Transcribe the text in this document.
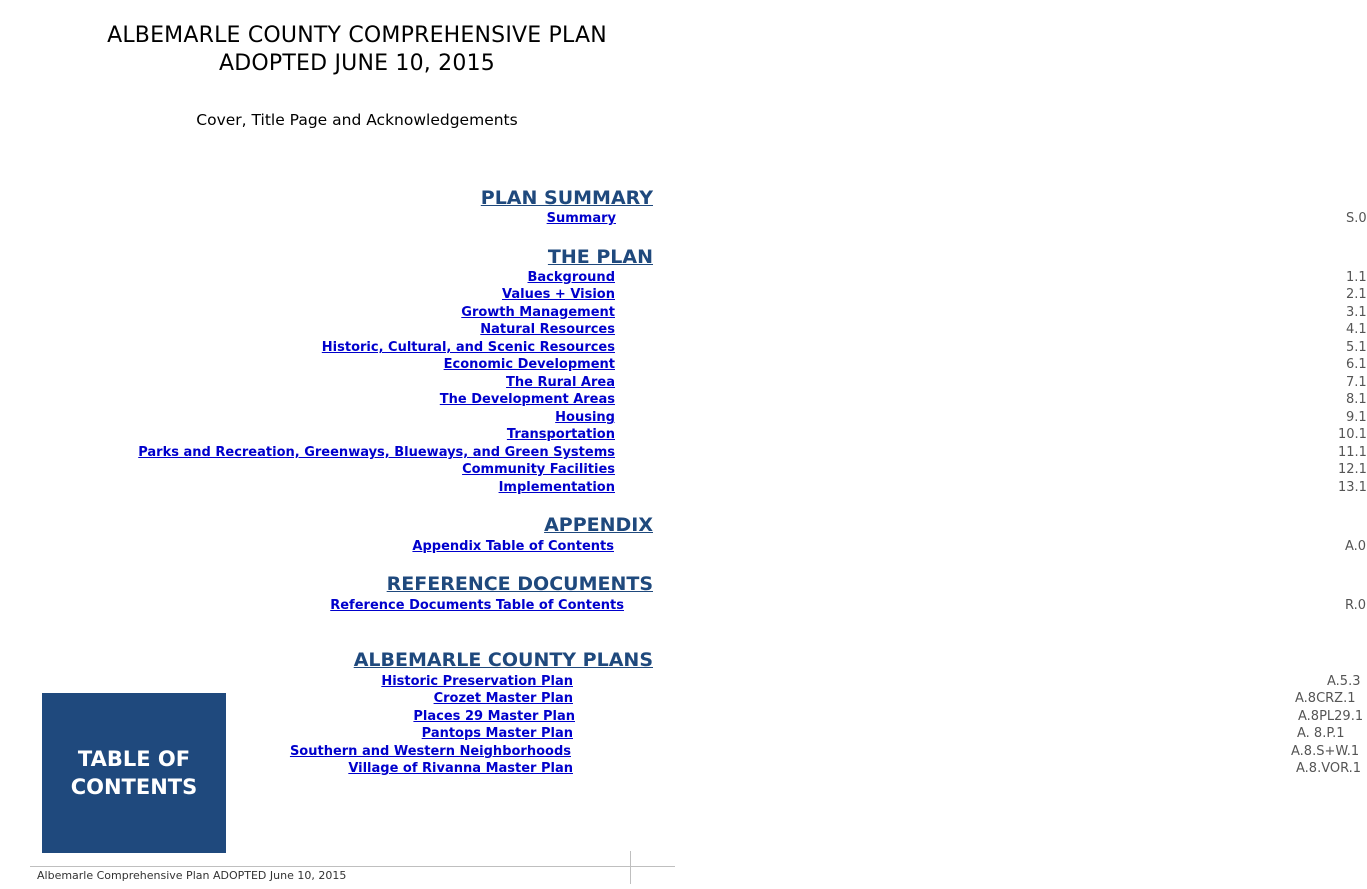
ALBEMARLE COUNTY COMPREHENSIVE PLAN
ADOPTED JUNE 10, 2015
Cover, Title Page and Acknowledgements
PLAN SUMMARY
Summary	S.0
THE PLAN
Background	1.1
Values + Vision	2.1
Growth Management	3.1
Natural Resources	4.1
Historic, Cultural, and Scenic Resources	5.1
Economic Development	6.1
The Rural Area	7.1
The Development Areas	8.1
Housing	9.1
Transportation	10.1
Parks and Recreation, Greenways, Blueways, and Green Systems	11.1
Community Facilities	12.1
Implementation	13.1
APPENDIX
Appendix Table of Contents	A.0
REFERENCE DOCUMENTS
Reference Documents Table of Contents	R.0
ALBEMARLE COUNTY PLANS
Historic Preservation Plan	A.5.3
Crozet Master Plan	A.8CRZ.1
Places 29 Master Plan	A.8PL29.1
Pantops Master Plan	A. 8.P.1
Southern and Western Neighborhoods	A.8.S+W.1
Village of Rivanna Master Plan	A.8.VOR.1
TABLE OF
CONTENTS
Albemarle Comprehensive Plan ADOPTED June 10, 2015
